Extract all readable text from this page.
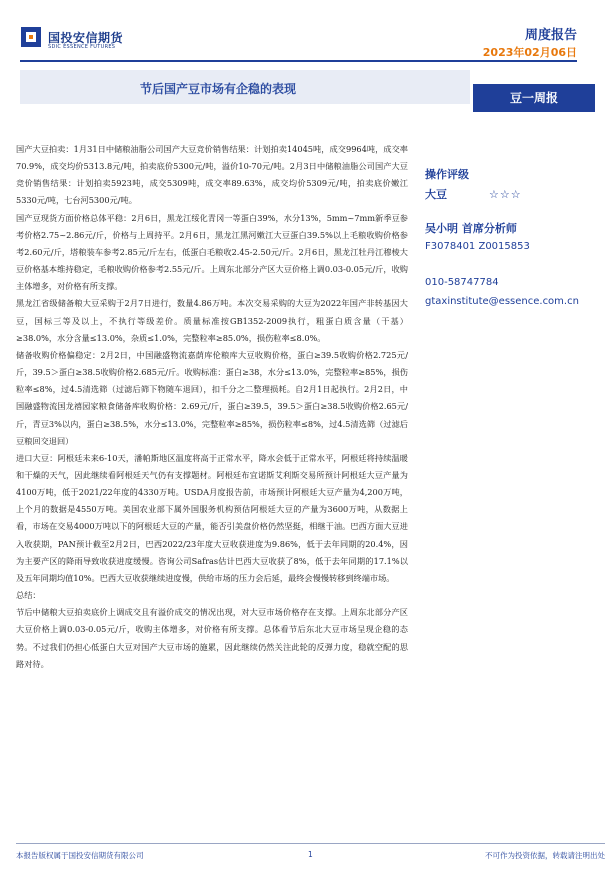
国投安信期货
SDIC ESSENCE FUTURES
周度报告
2023年02月06日
节后国产豆市场有企稳的表现
豆一周报

国产大豆拍卖：1月31日中储粮油脂公司国产大豆竞价销售结果：计划拍卖14045吨，成交9964吨，成交率70.9%，成交均价5313.8元/吨，拍卖底价5300元/吨，溢价10-70元/吨。2月3日中储粮油脂公司国产大豆竞价销售结果：计划拍卖5923吨，成交5309吨，成交率89.63%，成交均价5309元/吨，拍卖底价嫩江5330元/吨，七台河5300元/吨。

国产豆现货方面价格总体平稳：2月6日，黑龙江绥化青冈一等蛋白39%，水分13%，5mm~7mm新季豆参考价格2.75~2.86元/斤，价格与上周持平。2月6日，黑龙江黑河嫩江大豆蛋白39.5%以上毛粮收购价格参考2.60元/斤，塔粮装车参考2.85元/斤左右，低蛋白毛粮收2.45-2.50元/斤。2月6日，黑龙江牡丹江穆棱大豆价格基本维持稳定，毛粮收购价格参考2.55元/斤。上周东北部分产区大豆价格上调0.03-0.05元/斤，收购主体增多，对价格有所支撑。

黑龙江省级储备粮大豆采购于2月7日进行，数量4.86万吨。本次交易采购的大豆为2022年国产非转基因大豆，国标三等及以上，不执行等级差价。质量标准按GB1352-2009执行，粗蛋白质含量（干基）≥38.0%，水分含量≤13.0%，杂质≤1.0%，完整粒率≥85.0%，损伤粒率≤8.0%。

储备收购价格偏稳定：2月2日，中国融盛物流嘉荫库伦粮库大豆收购价格，蛋白≥39.5收购价格2.725元/斤，39.5＞蛋白≥38.5收购价格2.685元/斤。收购标准：蛋白≥38，水分≤13.0%，完整粒率≥85%，损伤粒率≤8%，过4.5清选筛（过滤后筛下物随车退回），扣千分之二整理损耗。自2月1日起执行。2月2日，中国融盛物流国龙禧园家粮食储备库收购价格：2.69元/斤，蛋白≥39.5，39.5＞蛋白≥38.5收购价格2.65元/斤，青豆3%以内，蛋白≥38.5%，水分≤13.0%，完整粒率≥85%，损伤粒率≤8%，过4.5清选筛（过滤后豆粮回交退回）

进口大豆：阿根廷未来6-10天，潘帕斯地区温度将高于正常水平，降水会低于正常水平，阿根廷将持续温暖和干燥的天气，因此继续看阿根廷天气仍有支撑题材。阿根廷布宜诺斯艾利斯交易所预计阿根廷大豆产量为4100万吨，低于2021/22年度的4330万吨。USDA月度报告前，市场预计阿根廷大豆产量为4,200万吨，上个月的数据是4550万吨。美国农业部下属外国服务机构预估阿根廷大豆的产量为3600万吨，从数据上看，市场在交易4000万吨以下的阿根廷大豆的产量，能否引美盘价格仍然坚挺，相继于油。巴西方面大豆进入收获期，PAN预计截至2月2日，巴西2022/23年度大豆收获进度为9.86%，低于去年同期的20.4%，因为主要产区的降雨导致收获进度缓慢。咨询公司Safras估计巴西大豆收获了8%，低于去年同期的17.1%以及五年同期均值10%。巴西大豆收获继续进度慢，供给市场的压力会后延，最终会慢慢转移到终端市场。

总结：

节后中储粮大豆拍卖底价上调成交且有溢价成交的情况出现，对大豆市场价格存在支撑。上周东北部分产区大豆价格上调0.03-0.05元/斤，收购主体增多，对价格有所支撑。总体看节后东北大豆市场呈现企稳的态势。不过我们仍担心低蛋白大豆对国产大豆市场的施累，因此继续仍然关注此轮的反弹力度，稳就空配的思路对待。

操作评级
大豆	☆☆☆
吴小明 首席分析师
F3078401 Z0015853
010-58747784
gtaxinstitute@essence.com.cn
本报告版权属于国投安信期货有限公司	1	不可作为投资依据，转载请注明出处
